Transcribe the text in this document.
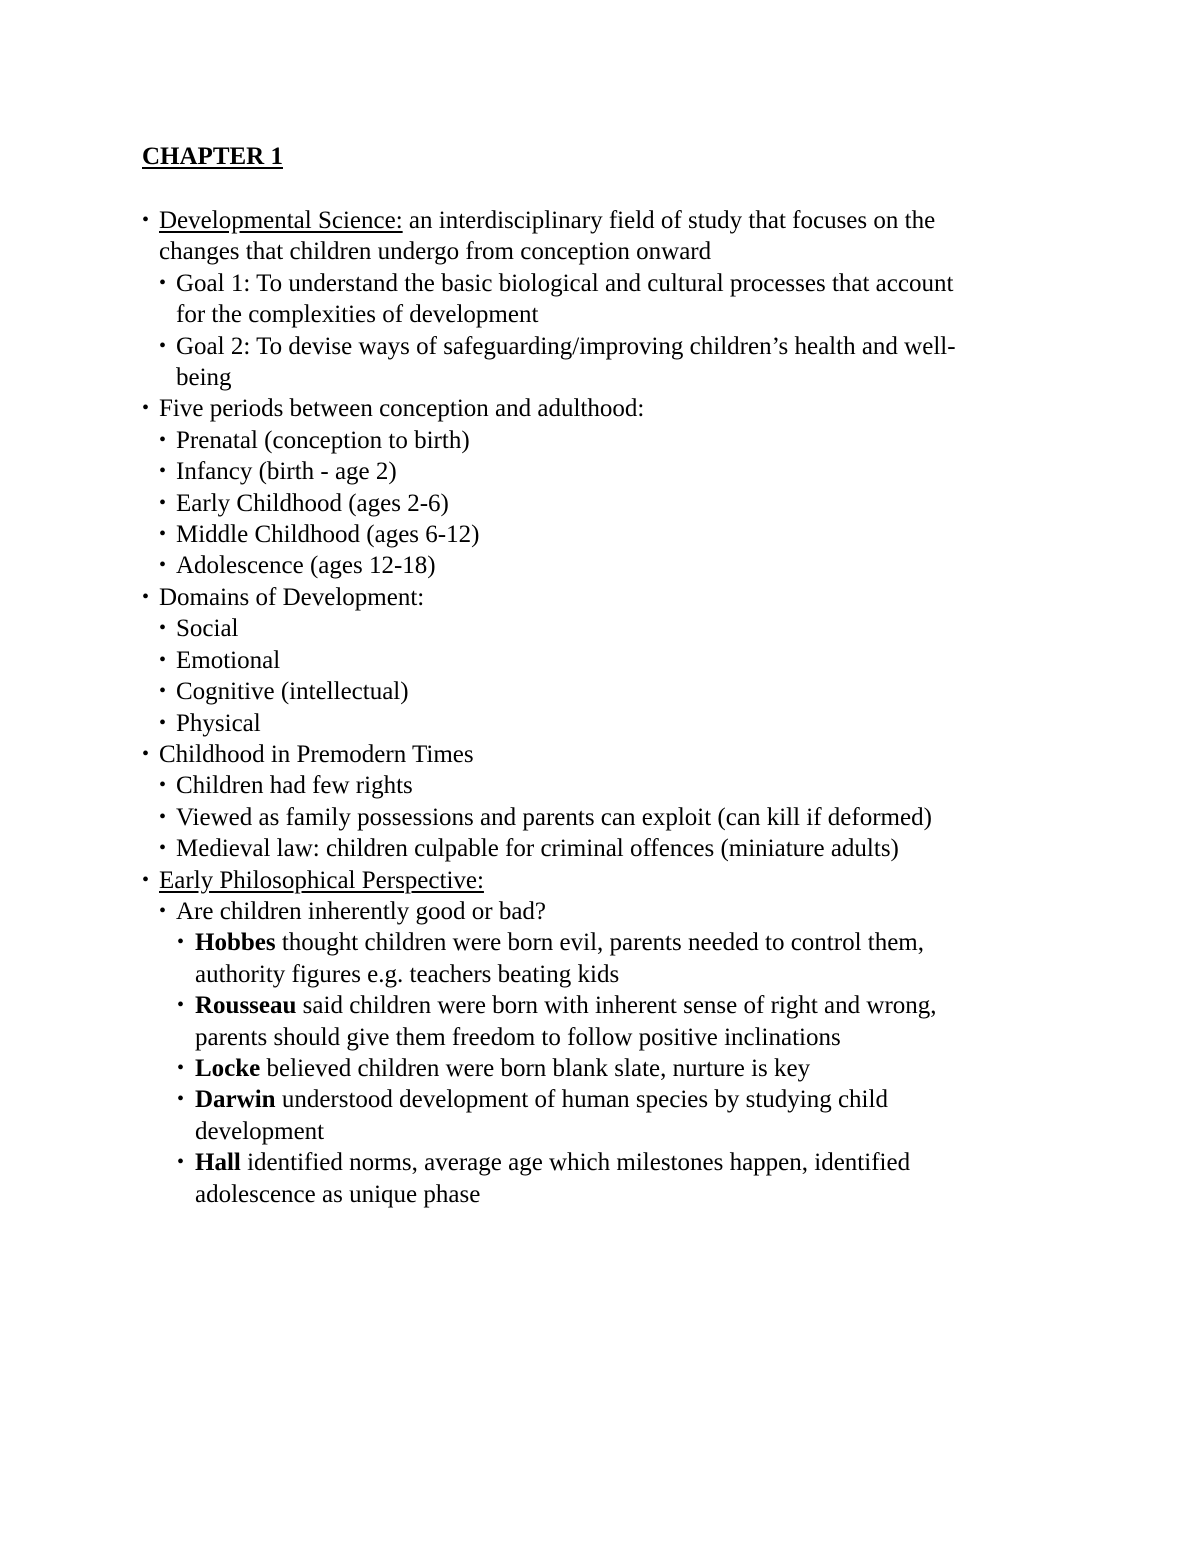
CHAPTER 1
• Developmental Science: an interdisciplinary field of study that focuses on the
changes that children undergo from conception onward
• Goal 1: To understand the basic biological and cultural processes that account
for the complexities of development
• Goal 2: To devise ways of safeguarding/improving children’s health and well-
being
• Five periods between conception and adulthood:
• Prenatal (conception to birth)
• Infancy (birth - age 2)
• Early Childhood (ages 2-6)
• Middle Childhood (ages 6-12)
• Adolescence (ages 12-18)
• Domains of Development:
• Social
• Emotional
• Cognitive (intellectual)
• Physical
• Childhood in Premodern Times
• Children had few rights
• Viewed as family possessions and parents can exploit (can kill if deformed)
• Medieval law: children culpable for criminal offences (miniature adults)
• Early Philosophical Perspective:
• Are children inherently good or bad?
• Hobbes thought children were born evil, parents needed to control them,
authority figures e.g. teachers beating kids
• Rousseau said children were born with inherent sense of right and wrong,
parents should give them freedom to follow positive inclinations
• Locke believed children were born blank slate, nurture is key
• Darwin understood development of human species by studying child
development
• Hall identified norms, average age which milestones happen, identified
adolescence as unique phase
